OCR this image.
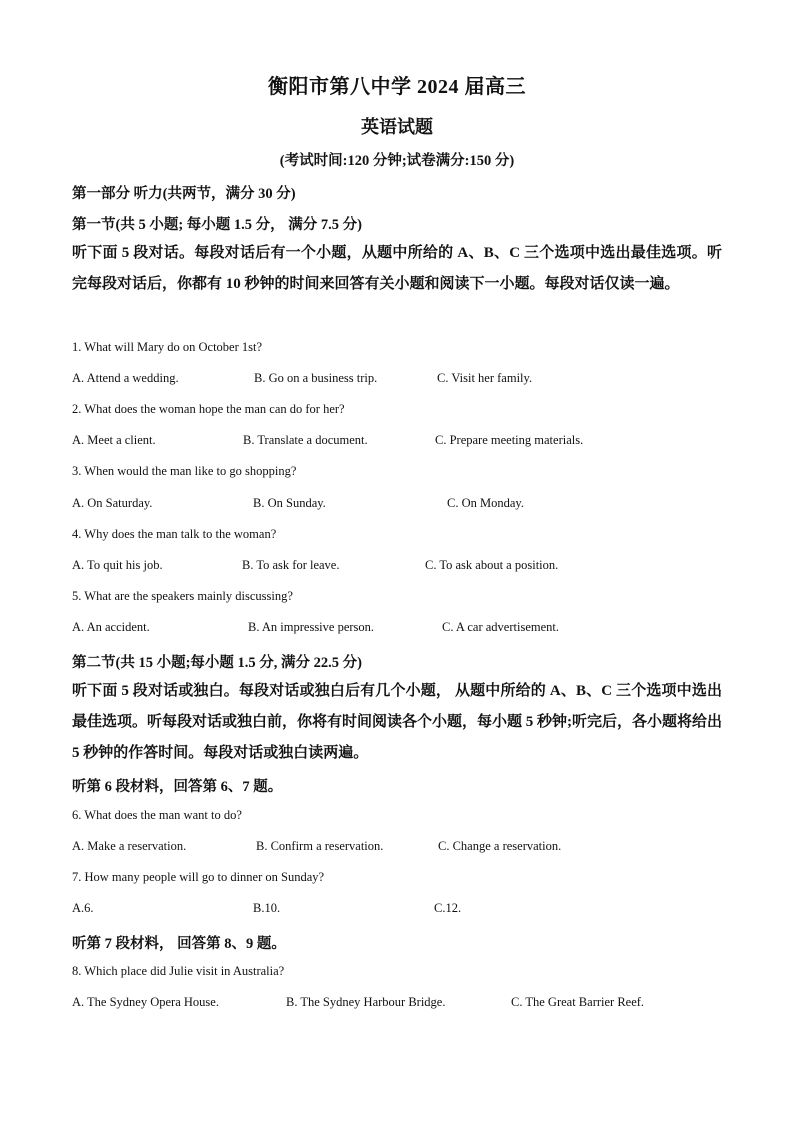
衡阳市第八中学 2024 届高三
英语试题
(考试时间:120 分钟;试卷满分:150 分)
第一部分 听力(共两节，满分 30 分)
第一节(共 5 小题; 每小题 1.5 分， 满分 7.5 分)
听下面 5 段对话。每段对话后有一个小题，从题中所给的 A、B、C 三个选项中选出最佳选项。听完每段对话后，你都有 10 秒钟的时间来回答有关小题和阅读下一小题。每段对话仅读一遍。
1. What will Mary do on October 1st?
A. Attend a wedding.	B. Go on a business trip.	C. Visit her family.
2. What does the woman hope the man can do for her?
A. Meet a client.	B. Translate a document.	C. Prepare meeting materials.
3. When would the man like to go shopping?
A. On Saturday.	B. On Sunday.	C. On Monday.
4. Why does the man talk to the woman?
A. To quit his job.	B. To ask for leave.	C. To ask about a position.
5. What are the speakers mainly discussing?
A. An accident.	B. An impressive person.	C. A car advertisement.
第二节(共 15 小题;每小题 1.5 分, 满分 22.5 分)
听下面 5 段对话或独白。每段对话或独白后有几个小题， 从题中所给的 A、B、C 三个选项中选出最佳选项。听每段对话或独白前，你将有时间阅读各个小题，每小题 5 秒钟;听完后，各小题将给出 5 秒钟的作答时间。每段对话或独白读两遍。
听第 6 段材料，回答第 6、7 题。
6. What does the man want to do?
A. Make a reservation.	B. Confirm a reservation.	C. Change a reservation.
7. How many people will go to dinner on Sunday?
A.6.	B.10.	C.12.
听第 7 段材料， 回答第 8、9 题。
8. Which place did Julie visit in Australia?
A. The Sydney Opera House.	B. The Sydney Harbour Bridge.	C. The Great Barrier Reef.
